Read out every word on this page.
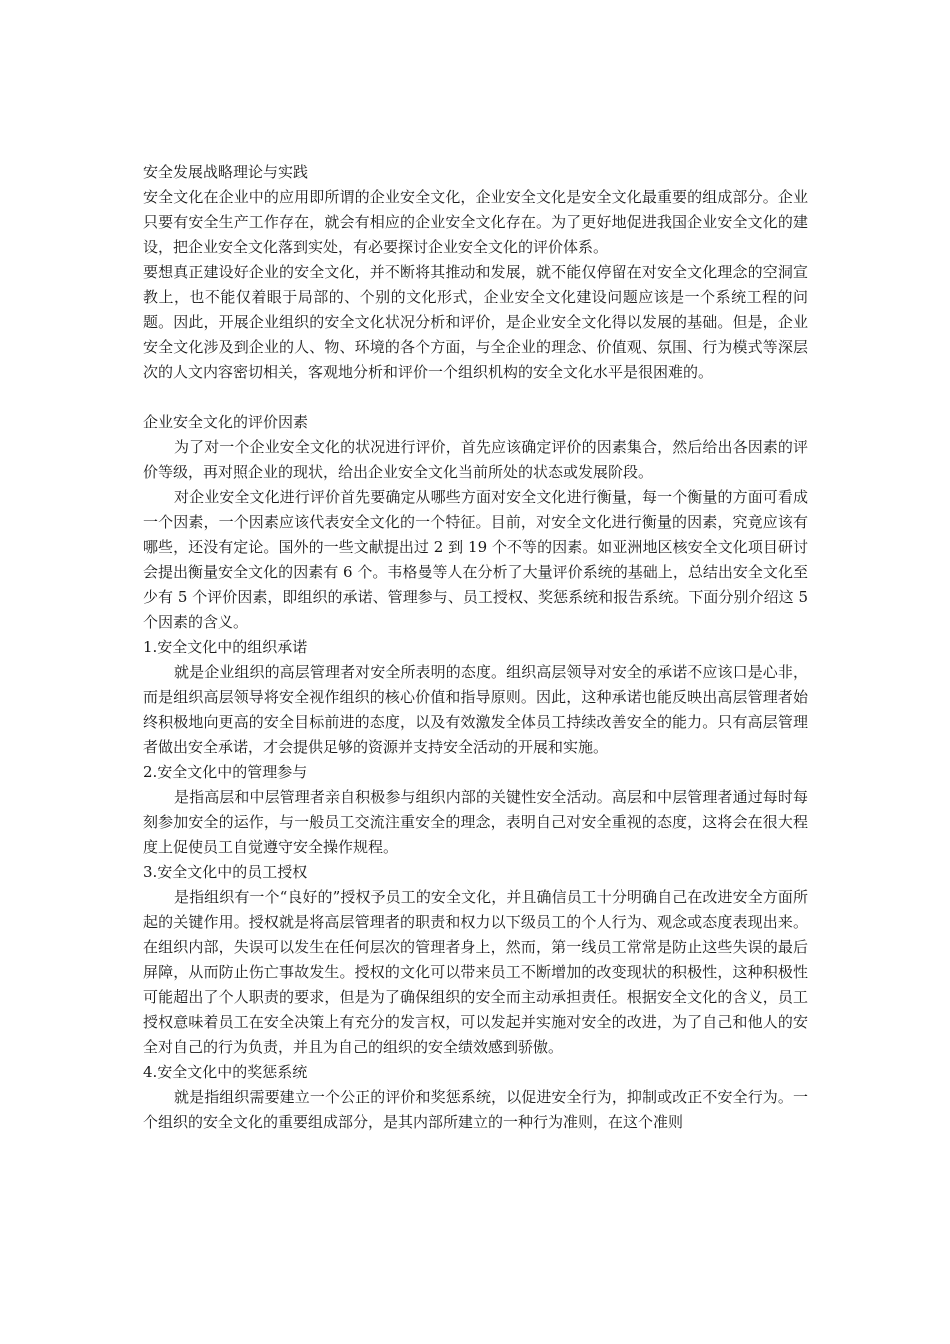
安全发展战略理论与实践

安全文化在企业中的应用即所谓的企业安全文化，企业安全文化是安全文化最重要的组成部分。企业只要有安全生产工作存在，就会有相应的企业安全文化存在。为了更好地促进我国企业安全文化的建设，把企业安全文化落到实处，有必要探讨企业安全文化的评价体系。

要想真正建设好企业的安全文化，并不断将其推动和发展，就不能仅停留在对安全文化理念的空洞宣教上，也不能仅着眼于局部的、个别的文化形式，企业安全文化建设问题应该是一个系统工程的问题。因此，开展企业组织的安全文化状况分析和评价，是企业安全文化得以发展的基础。但是，企业安全文化涉及到企业的人、物、环境的各个方面，与全企业的理念、价值观、氛围、行为模式等深层次的人文内容密切相关，客观地分析和评价一个组织机构的安全文化水平是很困难的。

企业安全文化的评价因素

为了对一个企业安全文化的状况进行评价，首先应该确定评价的因素集合，然后给出各因素的评价等级，再对照企业的现状，给出企业安全文化当前所处的状态或发展阶段。

对企业安全文化进行评价首先要确定从哪些方面对安全文化进行衡量，每一个衡量的方面可看成一个因素，一个因素应该代表安全文化的一个特征。目前，对安全文化进行衡量的因素，究竟应该有哪些，还没有定论。国外的一些文献提出过 2 到 19 个不等的因素。如亚洲地区核安全文化项目研讨会提出衡量安全文化的因素有 6 个。韦格曼等人在分析了大量评价系统的基础上，总结出安全文化至少有 5 个评价因素，即组织的承诺、管理参与、员工授权、奖惩系统和报告系统。下面分别介绍这 5 个因素的含义。

1.安全文化中的组织承诺

就是企业组织的高层管理者对安全所表明的态度。组织高层领导对安全的承诺不应该口是心非，而是组织高层领导将安全视作组织的核心价值和指导原则。因此，这种承诺也能反映出高层管理者始终积极地向更高的安全目标前进的态度，以及有效激发全体员工持续改善安全的能力。只有高层管理者做出安全承诺，才会提供足够的资源并支持安全活动的开展和实施。

2.安全文化中的管理参与

是指高层和中层管理者亲自积极参与组织内部的关键性安全活动。高层和中层管理者通过每时每刻参加安全的运作，与一般员工交流注重安全的理念，表明自己对安全重视的态度，这将会在很大程度上促使员工自觉遵守安全操作规程。

3.安全文化中的员工授权

是指组织有一个“良好的”授权予员工的安全文化，并且确信员工十分明确自己在改进安全方面所起的关键作用。授权就是将高层管理者的职责和权力以下级员工的个人行为、观念或态度表现出来。在组织内部，失误可以发生在任何层次的管理者身上，然而，第一线员工常常是防止这些失误的最后屏障，从而防止伤亡事故发生。授权的文化可以带来员工不断增加的改变现状的积极性，这种积极性可能超出了个人职责的要求，但是为了确保组织的安全而主动承担责任。根据安全文化的含义，员工授权意味着员工在安全决策上有充分的发言权，可以发起并实施对安全的改进，为了自己和他人的安全对自己的行为负责，并且为自己的组织的安全绩效感到骄傲。

4.安全文化中的奖惩系统

就是指组织需要建立一个公正的评价和奖惩系统，以促进安全行为，抑制或改正不安全行为。一个组织的安全文化的重要组成部分，是其内部所建立的一种行为准则，在这个准则
